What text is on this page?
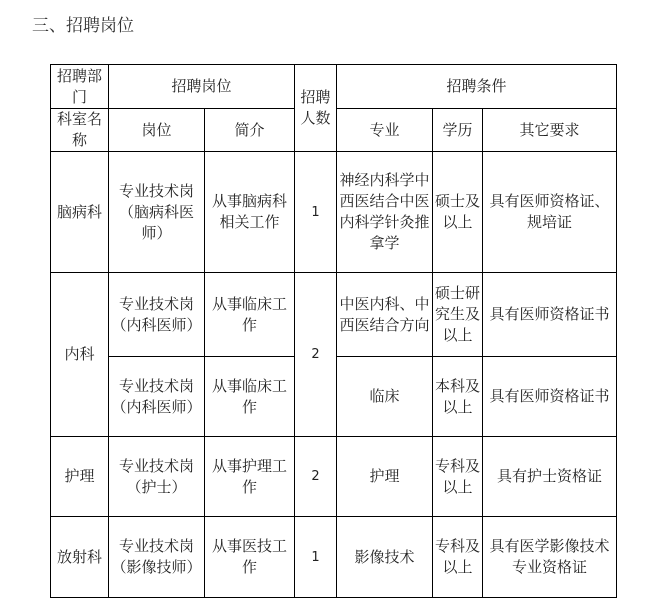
三、招聘岗位
招聘部门	招聘岗位		招聘人数	招聘条件		
科室名称	岗位	简介		专业	学历	其它要求
脑病科	专业技术岗（脑病科医师）	从事脑病科相关工作	1	神经内科学中西医结合中医内科学针灸推拿学	硕士及以上	具有医师资格证、规培证
内科	专业技术岗（内科医师）	从事临床工作	2	中医内科、中西医结合方向	硕士研究生及以上	具有医师资格证书
	专业技术岗（内科医师）	从事临床工作		临床	本科及以上	具有医师资格证书
护理	专业技术岗（护士）	从事护理工作	2	护理	专科及以上	具有护士资格证
放射科	专业技术岗（影像技师）	从事医技工作	1	影像技术	专科及以上	具有医学影像技术专业资格证
